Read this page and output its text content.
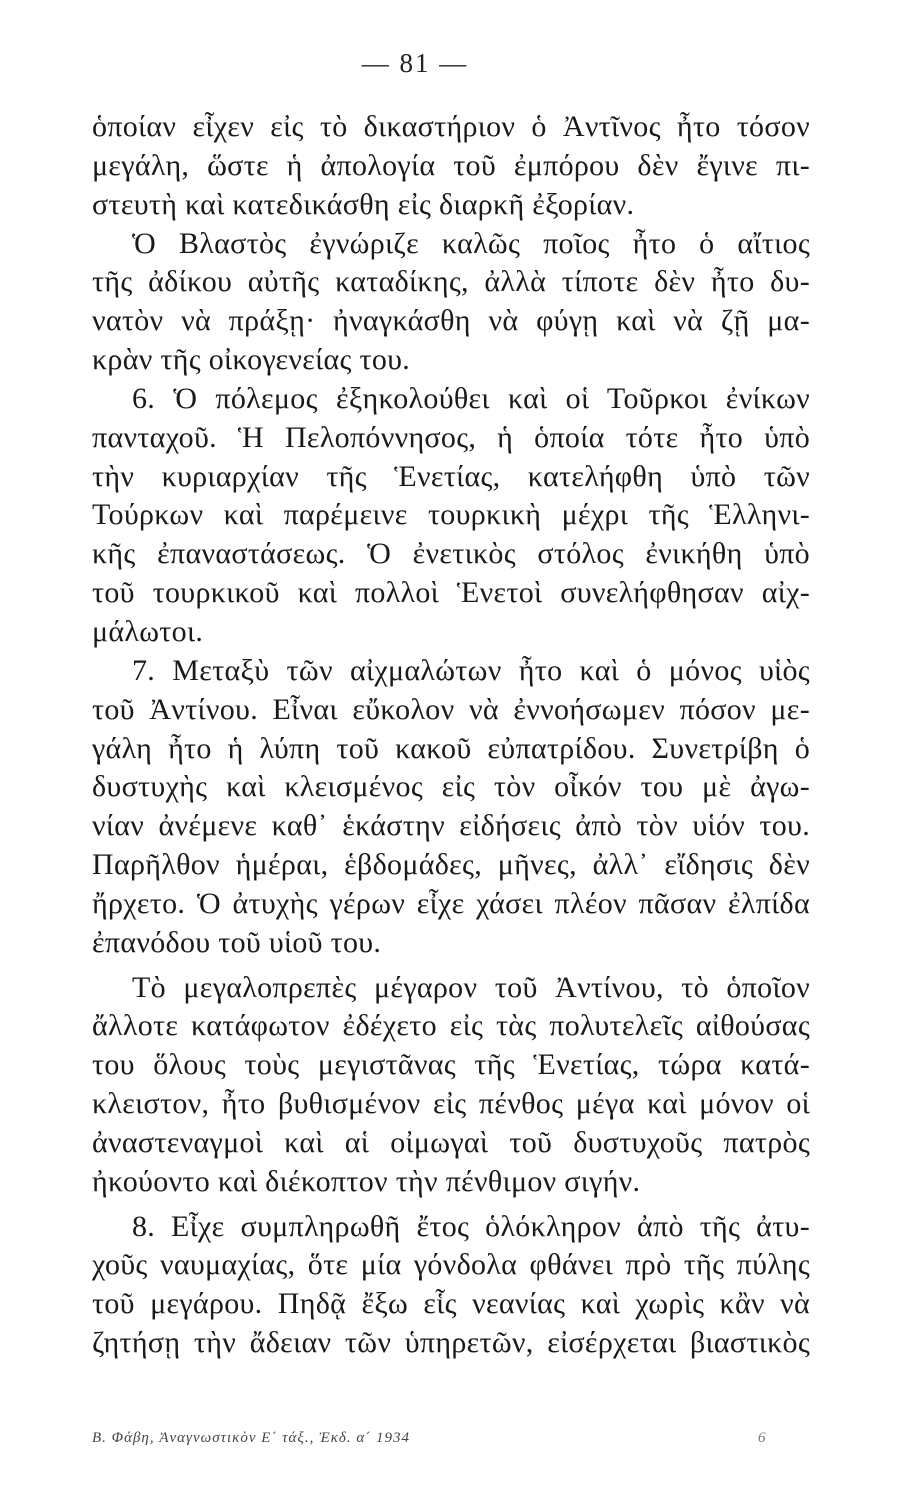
— 81 —
ὁποίαν εἶχεν εἰς τὸ δικαστήριον ὁ Ἀντῖνος ἦτο τόσον
μεγάλη, ὥστε ἡ ἀπολογία τοῦ ἐμπόρου δὲν ἔγινε πι-
στευτὴ καὶ κατεδικάσθη εἰς διαρκῆ ἐξορίαν.
Ὁ Βλαστὸς ἐγνώριζε καλῶς ποῖος ἦτο ὁ αἴτιος
τῆς ἀδίκου αὐτῆς καταδίκης, ἀλλὰ τίποτε δὲν ἦτο δυ-
νατὸν νὰ πράξῃ· ἠναγκάσθη νὰ φύγῃ καὶ νὰ ζῇ μα-
κρὰν τῆς οἰκογενείας του.
6. Ὁ πόλεμος ἐξηκολούθει καὶ οἱ Τοῦρκοι ἐνίκων
πανταχοῦ. Ἡ Πελοπόννησος, ἡ ὁποία τότε ἦτο ὑπὸ
τὴν κυριαρχίαν τῆς Ἑνετίας, κατελήφθη ὑπὸ τῶν
Τούρκων καὶ παρέμεινε τουρκικὴ μέχρι τῆς Ἑλληνι-
κῆς ἐπαναστάσεως. Ὁ ἐνετικὸς στόλος ἐνικήθη ὑπὸ
τοῦ τουρκικοῦ καὶ πολλοὶ Ἑνετοὶ συνελήφθησαν αἰχ-
μάλωτοι.
7. Μεταξὺ τῶν αἰχμαλώτων ἦτο καὶ ὁ μόνος υἱὸς
τοῦ Ἀντίνου. Εἶναι εὔκολον νὰ ἐννοήσωμεν πόσον με-
γάλη ἦτο ἡ λύπη τοῦ κακοῦ εὐπατρίδου. Συνετρίβη ὁ
δυστυχὴς καὶ κλεισμένος εἰς τὸν οἶκόν του μὲ ἀγω-
νίαν ἀνέμενε καθ᾽ ἑκάστην εἰδήσεις ἀπὸ τὸν υἱόν του.
Παρῆλθον ἡμέραι, ἑβδομάδες, μῆνες, ἀλλ᾽ εἴδησις δὲν
ἤρχετο. Ὁ ἀτυχὴς γέρων εἶχε χάσει πλέον πᾶσαν ἐλπίδα
ἐπανόδου τοῦ υἱοῦ του.
Τὸ μεγαλοπρεπὲς μέγαρον τοῦ Ἀντίνου, τὸ ὁποῖον
ἄλλοτε κατάφωτον ἐδέχετο εἰς τὰς πολυτελεῖς αἰθούσας
του ὅλους τοὺς μεγιστᾶνας τῆς Ἑνετίας, τώρα κατά-
κλειστον, ἦτο βυθισμένον εἰς πένθος μέγα καὶ μόνον οἱ
ἀναστεναγμοὶ καὶ αἱ οἰμωγαὶ τοῦ δυστυχοῦς πατρὸς
ἠκούοντο καὶ διέκοπτον τὴν πένθιμον σιγήν.
8. Εἶχε συμπληρωθῆ ἔτος ὁλόκληρον ἀπὸ τῆς ἀτυ-
χοῦς ναυμαχίας, ὅτε μία γόνδολα φθάνει πρὸ τῆς πύλης
τοῦ μεγάρου. Πηδᾷ ἔξω εἷς νεανίας καὶ χωρὶς κἂν νὰ
ζητήσῃ τὴν ἄδειαν τῶν ὑπηρετῶν, εἰσέρχεται βιαστικὸς
Β. Φάβη, Ἀναγνωστικὸν Ε΄ τάξ., Ἐκδ. α΄ 1934	6
